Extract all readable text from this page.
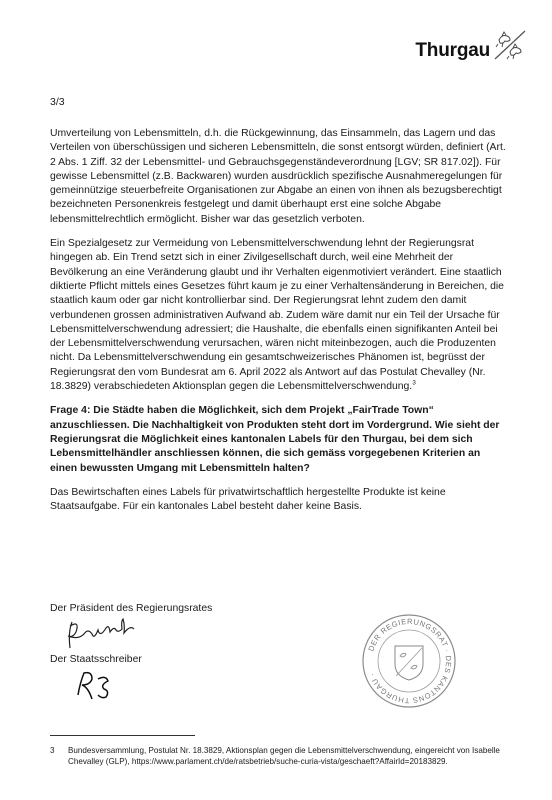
Thurgau
3/3

Umverteilung von Lebensmitteln, d.h. die Rückgewinnung, das Einsammeln, das Lagern und das Verteilen von überschüssigen und sicheren Lebensmitteln, die sonst entsorgt würden, definiert (Art. 2 Abs. 1 Ziff. 32 der Lebensmittel- und Gebrauchsgegenständeverordnung [LGV; SR 817.02]). Für gewisse Lebensmittel (z.B. Backwaren) wurden ausdrücklich spezifische Ausnahmeregelungen für gemeinnützige steuerbefreite Organisationen zur Abgabe an einen von ihnen als bezugsberechtigt bezeichneten Personenkreis festgelegt und damit überhaupt erst eine solche Abgabe lebensmittelrechtlich ermöglicht. Bisher war das gesetzlich verboten.

Ein Spezialgesetz zur Vermeidung von Lebensmittelverschwendung lehnt der Regierungsrat hingegen ab. Ein Trend setzt sich in einer Zivilgesellschaft durch, weil eine Mehrheit der Bevölkerung an eine Veränderung glaubt und ihr Verhalten eigenmotiviert verändert. Eine staatlich diktierte Pflicht mittels eines Gesetzes führt kaum je zu einer Verhaltensänderung in Bereichen, die staatlich kaum oder gar nicht kontrollierbar sind. Der Regierungsrat lehnt zudem den damit verbundenen grossen administrativen Aufwand ab. Zudem wäre damit nur ein Teil der Ursache für Lebensmittelverschwendung adressiert; die Haushalte, die ebenfalls einen signifikanten Anteil bei der Lebensmittelverschwendung verursachen, wären nicht miteinbezogen, auch die Produzenten nicht. Da Lebensmittelverschwendung ein gesamtschweizerisches Phänomen ist, begrüsst der Regierungsrat den vom Bundesrat am 6. April 2022 als Antwort auf das Postulat Chevalley (Nr. 18.3829) verabschiedeten Aktionsplan gegen die Lebensmittelverschwendung.$^3$

Frage 4: Die Städte haben die Möglichkeit, sich dem Projekt „FairTrade Town“ anzuschliessen. Die Nachhaltigkeit von Produkten steht dort im Vordergrund. Wie sieht der Regierungsrat die Möglichkeit eines kantonalen Labels für den Thurgau, bei dem sich Lebensmittelhändler anschliessen können, die sich gemäss vorgegebenen Kriterien an einen bewussten Umgang mit Lebensmitteln halten?

Das Bewirtschaften eines Labels für privatwirtschaftlich hergestellte Produkte ist keine Staatsaufgabe. Für ein kantonales Label besteht daher keine Basis.

Der Präsident des Regierungsrates
Der Staatsschreiber
DER REGIERUNGSRAT · DES KANTONS THURGAU ·
3	Bundesversammlung, Postulat Nr. 18.3829, Aktionsplan gegen die Lebensmittelverschwendung, eingereicht von Isabelle Chevalley (GLP), https://www.parlament.ch/de/ratsbetrieb/suche-curia-vista/geschaeft?AffairId=20183829.
